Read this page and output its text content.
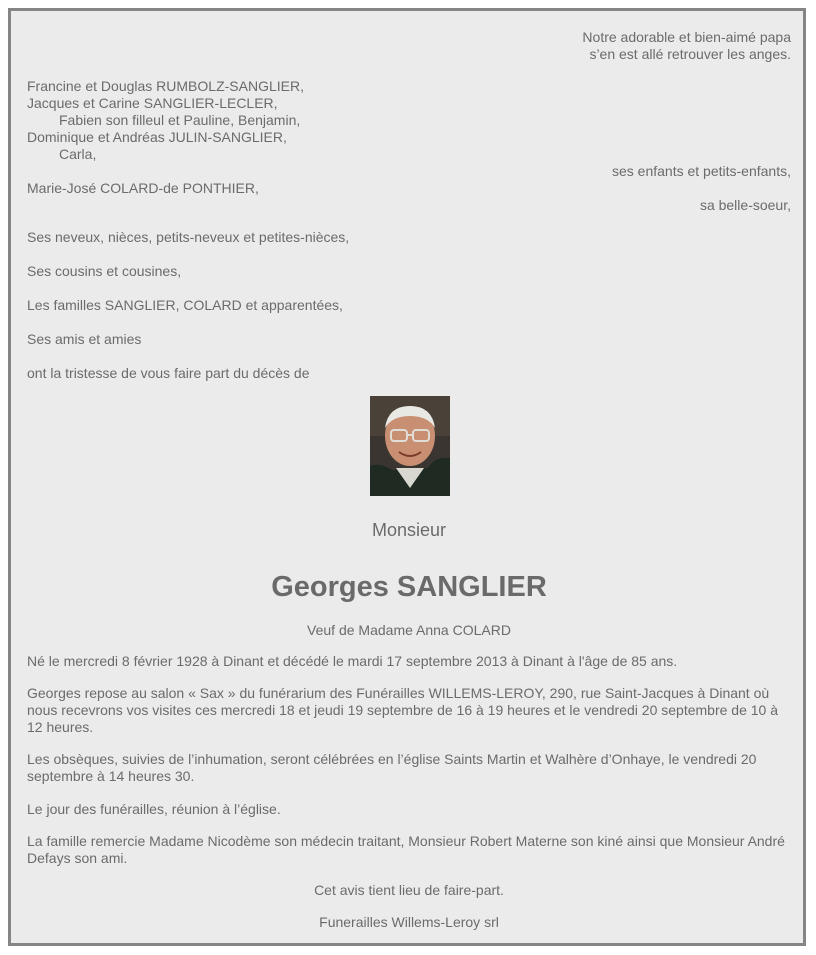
Notre adorable et bien-aimé papa
s’en est allé retrouver les anges.
Francine et Douglas RUMBOLZ-SANGLIER,
Jacques et Carine SANGLIER-LECLER,
Fabien son filleul et Pauline, Benjamin,
Dominique et Andréas JULIN-SANGLIER,
Carla,
ses enfants et petits-enfants,
Marie-José COLARD-de PONTHIER,
sa belle-soeur,
Ses neveux, nièces, petits-neveux et petites-nièces,
Ses cousins et cousines,
Les familles SANGLIER, COLARD et apparentées,
Ses amis et amies
ont la tristesse de vous faire part du décès de
Monsieur
Georges SANGLIER
Veuf de Madame Anna COLARD
Né le mercredi 8 février 1928 à Dinant et décédé le mardi 17 septembre 2013 à Dinant à l'âge de 85 ans.
Georges repose au salon « Sax » du funérarium des Funérailles WILLEMS-LEROY, 290, rue Saint-Jacques à Dinant où nous recevrons vos visites ces mercredi 18 et jeudi 19 septembre de 16 à 19 heures et le vendredi 20 septembre de 10 à 12 heures.
Les obsèques, suivies de l’inhumation, seront célébrées en l’église Saints Martin et Walhère d’Onhaye, le vendredi 20 septembre à 14 heures 30.
Le jour des funérailles, réunion à l’église.
La famille remercie Madame Nicodème son médecin traitant, Monsieur Robert Materne son kiné ainsi que Monsieur André Defays son ami.
Cet avis tient lieu de faire-part.
Funerailles Willems-Leroy srl
